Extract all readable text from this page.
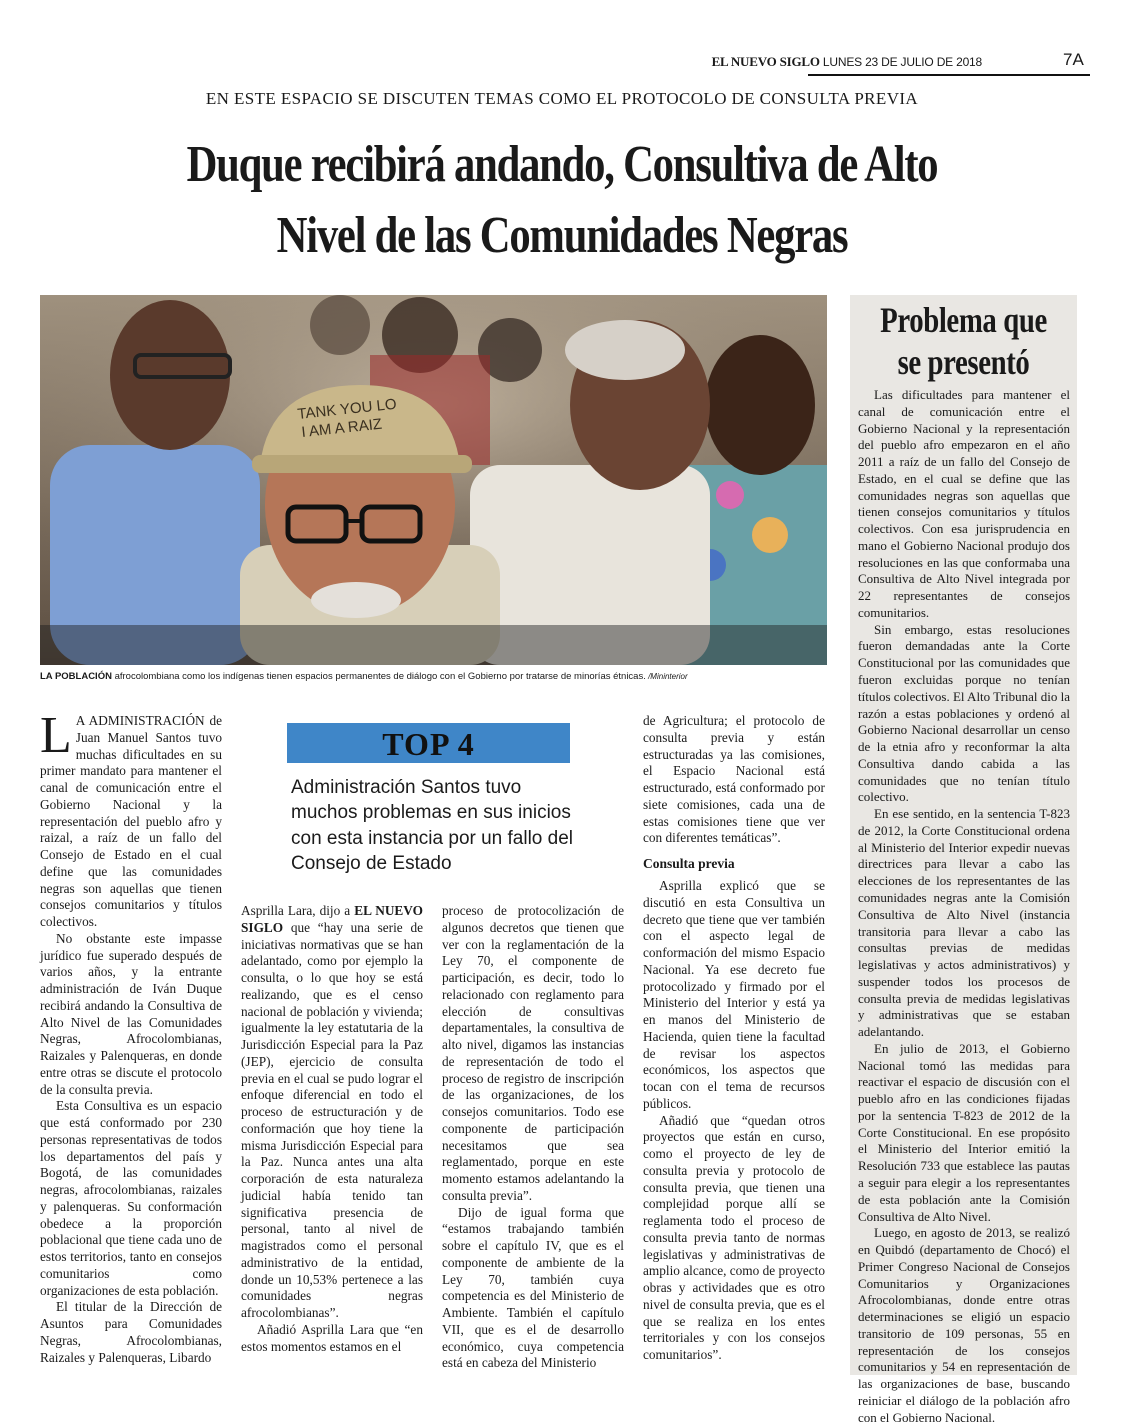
EL NUEVO SIGLO LUNES 23 DE JULIO DE 2018	7A
EN ESTE ESPACIO SE DISCUTEN TEMAS COMO EL PROTOCOLO DE CONSULTA PREVIA
Duque recibirá andando, Consultiva de Alto
Nivel de las Comunidades Negras
TANK YOU LO
I AM A RAIZ
LA POBLACIÓN afrocolombiana como los indígenas tienen espacios permanentes de diálogo con el Gobierno por tratarse de minorías étnicas. /Mininterior
Problema que
se presentó

Las dificultades para mantener el canal de comunicación entre el Gobierno Nacional y la representación del pueblo afro empezaron en el año 2011 a raíz de un fallo del Consejo de Estado, en el cual se define que las comunidades negras son aquellas que tienen consejos comunitarios y títulos colectivos. Con esa jurisprudencia en mano el Gobierno Nacional produjo dos resoluciones en las que conformaba una Consultiva de Alto Nivel integrada por 22 representantes de consejos comunitarios.

Sin embargo, estas resoluciones fueron demandadas ante la Corte Constitucional por las comunidades que fueron excluidas porque no tenían títulos colectivos. El Alto Tribunal dio la razón a estas poblaciones y ordenó al Gobierno Nacional desarrollar un censo de la etnia afro y reconformar la alta Consultiva dando cabida a las comunidades que no tenían título colectivo.

En ese sentido, en la sentencia T-823 de 2012, la Corte Constitucional ordena al Ministerio del Interior expedir nuevas directrices para llevar a cabo las elecciones de los representantes de las comunidades negras ante la Comisión Consultiva de Alto Nivel (instancia transitoria para llevar a cabo las consultas previas de medidas legislativas y actos administrativos) y suspender todos los procesos de consulta previa de medidas legislativas y administrativas que se estaban adelantando.

En julio de 2013, el Gobierno Nacional tomó las medidas para reactivar el espacio de discusión con el pueblo afro en las condiciones fijadas por la sentencia T-823 de 2012 de la Corte Constitucional. En ese propósito el Ministerio del Interior emitió la Resolución 733 que establece las pautas a seguir para elegir a los representantes de esta población ante la Comisión Consultiva de Alto Nivel.

Luego, en agosto de 2013, se realizó en Quibdó (departamento de Chocó) el Primer Congreso Nacional de Consejos Comunitarios y Organizaciones Afrocolombianas, donde entre otras determinaciones se eligió un espacio transitorio de 109 personas, 55 en representación de los consejos comunitarios y 54 en representación de las organizaciones de base, buscando reiniciar el diálogo de la población afro con el Gobierno Nacional.

TOP 4
Administración Santos tuvo muchos problemas en sus inicios con esta instancia por un fallo del Consejo de Estado

L A ADMINISTRACIÓN de Juan Manuel Santos tuvo muchas dificultades en su primer mandato para mantener el canal de comunicación entre el Gobierno Nacional y la representación del pueblo afro y raizal, a raíz de un fallo del Consejo de Estado en el cual define que las comunidades negras son aquellas que tienen consejos comunitarios y títulos colectivos.

No obstante este impasse jurídico fue superado después de varios años, y la entrante administración de Iván Duque recibirá andando la Consultiva de Alto Nivel de las Comunidades Negras, Afrocolombianas, Raizales y Palenqueras, en donde entre otras se discute el protocolo de la consulta previa.

Esta Consultiva es un espacio que está conformado por 230 personas representativas de todos los departamentos del país y Bogotá, de las comunidades negras, afrocolombianas, raizales y palenqueras. Su conformación obedece a la proporción poblacional que tiene cada uno de estos territorios, tanto en consejos comunitarios como organizaciones de esta población.

El titular de la Dirección de Asuntos para Comunidades Negras, Afrocolombianas, Raizales y Palenqueras, Libardo

Asprilla Lara, dijo a EL NUEVO SIGLO que “hay una serie de iniciativas normativas que se han adelantado, como por ejemplo la consulta, o lo que hoy se está realizando, que es el censo nacional de población y vivienda; igualmente la ley estatutaria de la Jurisdicción Especial para la Paz (JEP), ejercicio de consulta previa en el cual se pudo lograr el enfoque diferencial en todo el proceso de estructuración y de conformación que hoy tiene la misma Jurisdicción Especial para la Paz. Nunca antes una alta corporación de esta naturaleza judicial había tenido tan significativa presencia de personal, tanto al nivel de magistrados como el personal administrativo de la entidad, donde un 10,53% pertenece a las comunidades negras afrocolombianas”.

Añadió Asprilla Lara que “en estos momentos estamos en el

proceso de protocolización de algunos decretos que tienen que ver con la reglamentación de la Ley 70, el componente de participación, es decir, todo lo relacionado con reglamento para elección de consultivas departamentales, la consultiva de alto nivel, digamos las instancias de representación de todo el proceso de registro de inscripción de las organizaciones, de los consejos comunitarios. Todo ese componente de participación necesitamos que sea reglamentado, porque en este momento estamos adelantando la consulta previa”.

Dijo de igual forma que “estamos trabajando también sobre el capítulo IV, que es el componente de ambiente de la Ley 70, también cuya competencia es del Ministerio de Ambiente. También el capítulo VII, que es el de desarrollo económico, cuya competencia está en cabeza del Ministerio

de Agricultura; el protocolo de consulta previa y están estructuradas ya las comisiones, el Espacio Nacional está estructurado, está conformado por siete comisiones, cada una de estas comisiones tiene que ver con diferentes temáticas”.

Consulta previa

Asprilla explicó que se discutió en esta Consultiva un decreto que tiene que ver también con el aspecto legal de conformación del mismo Espacio Nacional. Ya ese decreto fue protocolizado y firmado por el Ministerio del Interior y está ya en manos del Ministerio de Hacienda, quien tiene la facultad de revisar los aspectos económicos, los aspectos que tocan con el tema de recursos públicos.

Añadió que “quedan otros proyectos que están en curso, como el proyecto de ley de consulta previa y protocolo de consulta previa, que tienen una complejidad porque allí se reglamenta todo el proceso de consulta previa tanto de normas legislativas y administrativas de amplio alcance, como de proyecto obras y actividades que es otro nivel de consulta previa, que es el que se realiza en los entes territoriales y con los consejos comunitarios”.
